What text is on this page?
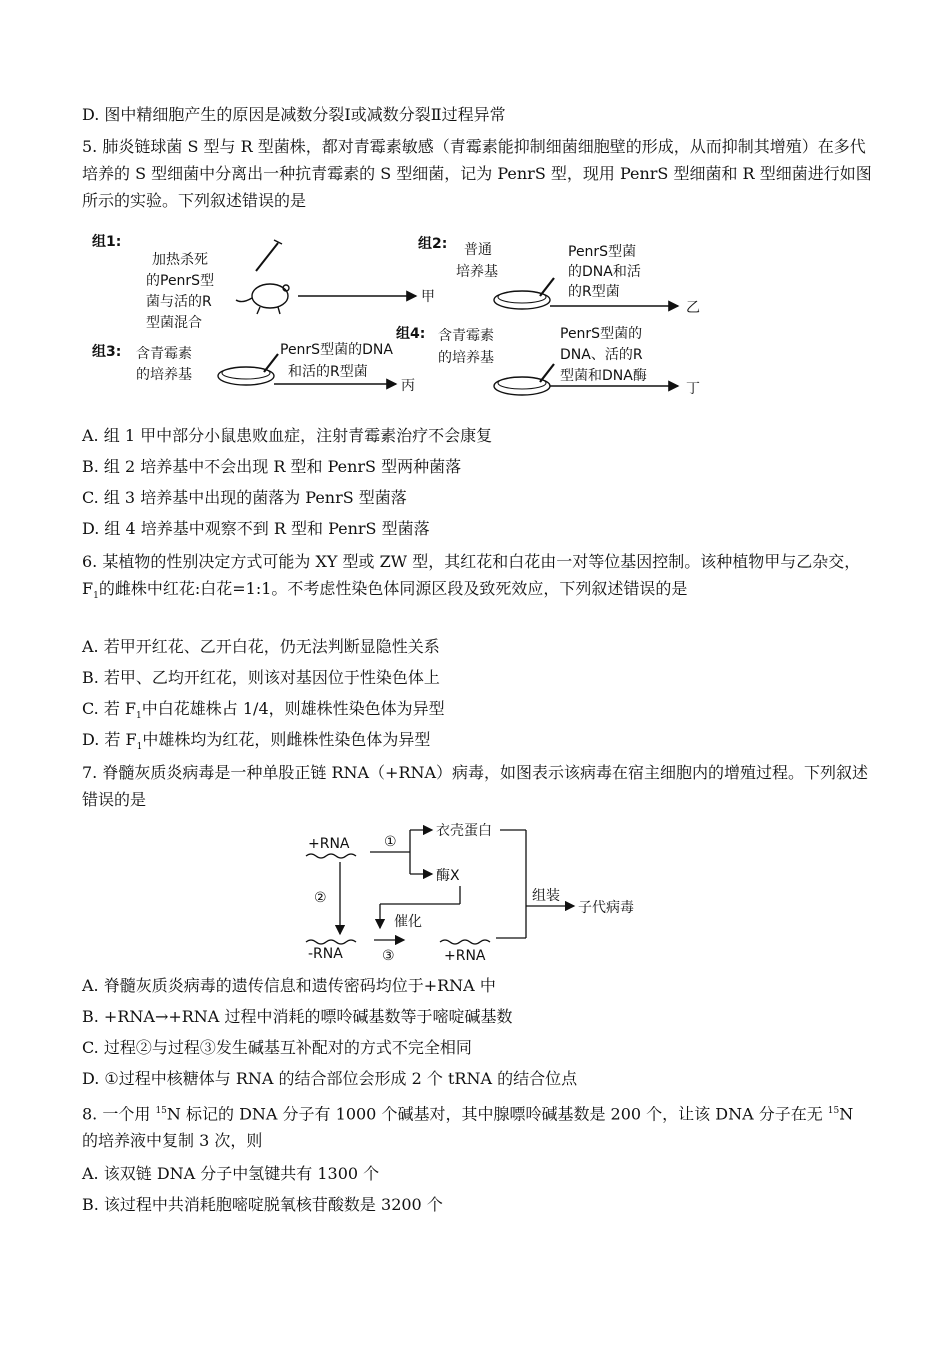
D. 图中精细胞产生的原因是减数分裂Ⅰ或减数分裂Ⅱ过程异常
5. 肺炎链球菌 S 型与 R 型菌株，都对青霉素敏感（青霉素能抑制细菌细胞壁的形成，从而抑制其增殖）在多代培养的 S 型细菌中分离出一种抗青霉素的 S 型细菌，记为 PenrS 型，现用 PenrS 型细菌和 R 型细菌进行如图所示的实验。下列叙述错误的是
组1:
加热杀死
的PenrS型
菌与活的R
型菌混合
甲
组2: 普通
培养基
PenrS型菌
的DNA和活
的R型菌
乙
组3: 含青霉素
的培养基
PenrS型菌的DNA
和活的R型菌
丙
组4: 含青霉素
的培养基
PenrS型菌的
DNA、活的R
型菌和DNA酶
丁
A. 组 1 甲中部分小鼠患败血症，注射青霉素治疗不会康复
B. 组 2 培养基中不会出现 R 型和 PenrS 型两种菌落
C. 组 3 培养基中出现的菌落为 PenrS 型菌落
D. 组 4 培养基中观察不到 R 型和 PenrS 型菌落
6. 某植物的性别决定方式可能为 XY 型或 ZW 型，其红花和白花由一对等位基因控制。该种植物甲与乙杂交，$F_1$的雌株中红花:白花=1:1。不考虑性染色体同源区段及致死效应，下列叙述错误的是
A. 若甲开红花、乙开白花，仍无法判断显隐性关系
B. 若甲、乙均开红花，则该对基因位于性染色体上
C. 若 $F_1$中白花雄株占 1/4，则雄株性染色体为异型
D. 若 $F_1$中雄株均为红花，则雌株性染色体为异型
7. 脊髓灰质炎病毒是一种单股正链 RNA（+RNA）病毒，如图表示该病毒在宿主细胞内的增殖过程。下列叙述错误的是
+RNA ①
衣壳蛋白
酶X
②
催化
-RNA	③	+RNA
组装
子代病毒
A. 脊髓灰质炎病毒的遗传信息和遗传密码均位于+RNA 中
B. +RNA→+RNA 过程中消耗的嘌呤碱基数等于嘧啶碱基数
C. 过程②与过程③发生碱基互补配对的方式不完全相同
D. ①过程中核糖体与 RNA 的结合部位会形成 2 个 tRNA 的结合位点
8. 一个用 $^{15}$N 标记的 DNA 分子有 1000 个碱基对，其中腺嘌呤碱基数是 200 个，让该 DNA 分子在无 $^{15}$N 的培养液中复制 3 次，则
A. 该双链 DNA 分子中氢键共有 1300 个
B. 该过程中共消耗胞嘧啶脱氧核苷酸数是 3200 个
